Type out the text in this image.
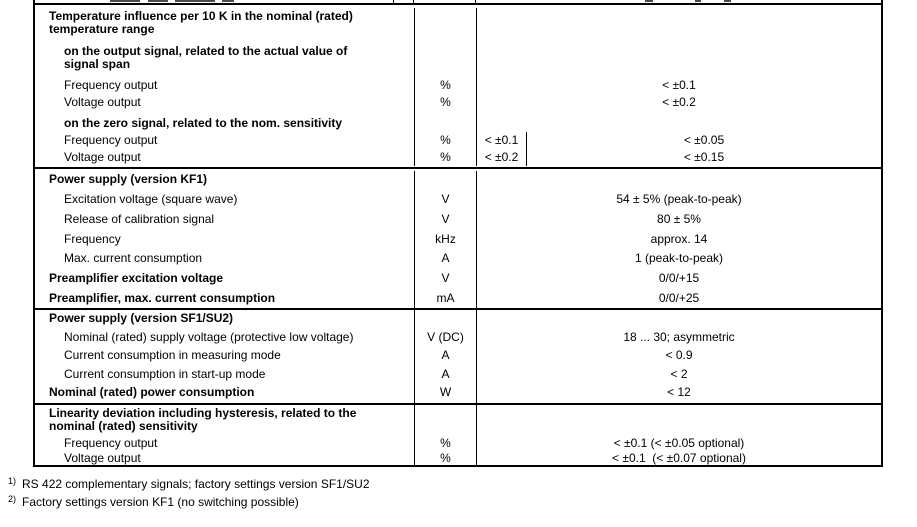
Temperature influence per 10 K in the nominal (rated)
temperature range
on the output signal, related to the actual value of
signal span
Frequency output	%	< ±0.1
Voltage output	%	< ±0.2
on the zero signal, related to the nom. sensitivity
Frequency output	%	< ±0.1	< ±0.05
Voltage output	%	< ±0.2	< ±0.15
Power supply (version KF1)
Excitation voltage (square wave)	V	54 ± 5% (peak-to-peak)
Release of calibration signal	V	80 ± 5%
Frequency	kHz	approx. 14
Max. current consumption	A	1 (peak-to-peak)
Preamplifier excitation voltage	V	0/0/+15
Preamplifier, max. current consumption	mA	0/0/+25
Power supply (version SF1/SU2)
Nominal (rated) supply voltage (protective low voltage)	V (DC)	18 ... 30; asymmetric
Current consumption in measuring mode	A	< 0.9
Current consumption in start-up mode	A	< 2
Nominal (rated) power consumption	W	< 12
Linearity deviation including hysteresis, related to the
nominal (rated) sensitivity
Frequency output	%	< ±0.1 (< ±0.05 optional)
Voltage output	%	< ±0.1  (< ±0.07 optional)
$^{1)}$ RS 422 complementary signals; factory settings version SF1/SU2
$^{2)}$ Factory settings version KF1 (no switching possible)
